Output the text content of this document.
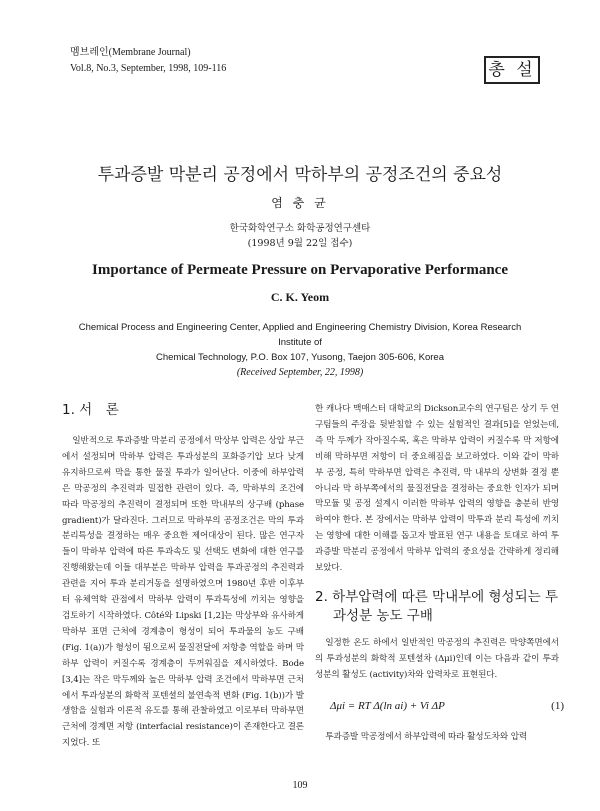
멤브레인(Membrane Journal)
Vol.8, No.3, September, 1998, 109-116	총 설
투과증발 막분리 공정에서 막하부의 공정조건의 중요성
염 충 균
한국화학연구소 화학공정연구센타
(1998년 9월 22일 접수)
Importance of Permeate Pressure on Pervaporative Performance
C. K. Yeom
Chemical Process and Engineering Center, Applied and Engineering Chemistry Division, Korea Research Institute of
Chemical Technology, P.O. Box 107, Yusong, Taejon 305-606, Korea
(Received September, 22, 1998)
1. 서　론

일반적으로 투과증발 막분리 공정에서 막상부 압력은 상압 부근에서 설정되며 막하부 압력은 투과성분의 포화증기압 보다 낮게 유지하므로써 막을 통한 물질 투과가 일어난다. 이중에 하부압력은 막공정의 추진력과 밀접한 관련이 있다. 즉, 막하부의 조건에 따라 막공정의 추진력이 결정되며 또한 막내부의 상구배 (phase gradient)가 달라진다. 그러므로 막하부의 공정조건은 막의 투과 분리특성을 결정하는 매우 중요한 제어대상이 된다. 많은 연구자들이 막하부 압력에 따른 투과속도 및 선택도 변화에 대한 연구를 진행해왔는데 이들 대부분은 막하부 압력을 투과공정의 추진력과 관련을 지어 투과 분리거동을 설명하였으며 1980년 후반 이후부터 유체역학 관점에서 막하부 압력이 투과특성에 끼치는 영향을 검토하기 시작하였다. Côté와 Lipski [1,2]는 막상부와 유사하게 막하부 표면 근처에 경계층이 형성이 되어 투과물의 농도 구배 (Fig. 1(a))가 형성이 됨으로써 물질전달에 저항층 역할을 하며 막하부 압력이 커질수록 경계층이 두꺼워짐을 제시하였다. Bode [3,4]는 작은 막두께와 높은 막하부 압력 조건에서 막하부면 근처에서 투과성분의 화학적 포텐셜의 불연속적 변화 (Fig. 1(b))가 발생함을 실험과 이론적 유도를 통해 관찰하였고 이로부터 막하부면 근처에 경계면 저항 (interfacial resistance)이 존재한다고 결론지었다. 또

한 캐나다 맥매스터 대학교의 Dickson교수의 연구팀은 상기 두 연구팀들의 주장을 뒷받침할 수 있는 실험적인 결과[5]을 얻었는데, 즉 막 두께가 작아질수록, 혹은 막하부 압력이 커질수록 막 저항에 비해 막하부면 저항이 더 중요해짐을 보고하였다. 이와 같이 막하부 공정, 특히 막하부면 압력은 추진력, 막 내부의 상변화 결정 뿐 아니라 막 하부쪽에서의 물질전달을 결정하는 중요한 인자가 되며 막모듈 및 공정 설계시 이러한 막하부 압력의 영향을 충분히 반영하여야 한다. 본 장에서는 막하부 압력이 막투과 분리 특성에 끼치는 영향에 대한 이해를 돕고자 발표된 연구 내용을 토대로 하여 투과증발 막분리 공정에서 막하부 압력의 중요성을 간략하게 정리해 보았다.

2. 하부압력에 따른 막내부에 형성되는 투
과성분 농도 구배

일정한 온도 하에서 일반적인 막공정의 추진력은 막양쪽면에서의 투과성분의 화학적 포텐셜차 (Δμi)인데 이는 다음과 같이 투과성분의 활성도 (activity)차와 압력차로 표현된다.

Δμi = RT Δ(ln ai) + Vi ΔP	(1)

투과증발 막공정에서 하부압력에 따라 활성도차와 압력

109
